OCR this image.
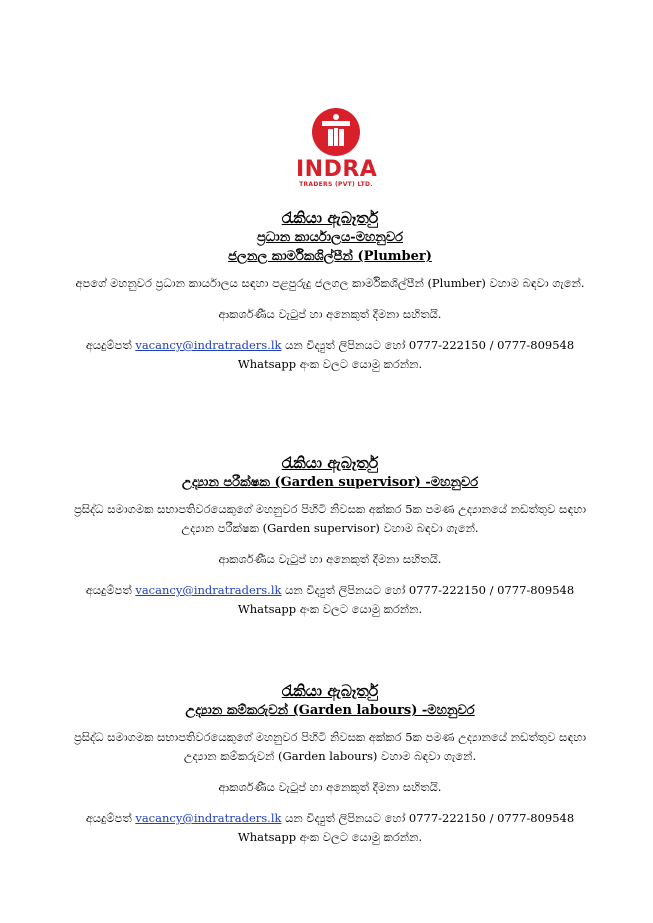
INDRA
TRADERS (PVT) LTD.
රැකියා ඇබෑර්තු
ප්‍රධාන කාර්යාලය-මහනුවර
ජලනල කාර්මිකශිල්පීන් (Plumber)
අපගේ මහනුවර ප්‍රධාන කාර්යාලය සඳහා පළපුරුදු ජලගල කාර්මිකශිල්පීන් (Plumber) වහාම බඳවා ගැනේ.
ආකර්ශණීය වැටුප් හා අනෙකුත් දීමනා සහිතයි.
අයදුම්පත් vacancy@indratraders.lk යන විද්‍යුත් ලිපිනයට හෝ 0777-222150 / 0777-809548
Whatsapp අංක වලට යොමු කරන්න.
රැකියා ඇබෑර්තු
උද්‍යාන පරීක්ෂක (Garden supervisor) -මහනුවර
ප්‍රසිද්ධ සමාගමක සභාපතිවරයෙකුගේ මහනුවර පිහිටි නිවසක අක්කර 5ක පමණ උද්‍යානයේ නඩත්තුව සඳහා උද්‍යාන පරීක්ෂක (Garden supervisor) වහාම බඳවා ගැනේ.
ආකර්ශණීය වැටුප් හා අනෙකුත් දීමනා සහිතයි.
අයදුම්පත් vacancy@indratraders.lk යන විද්‍යුත් ලිපිනයට හෝ 0777-222150 / 0777-809548
Whatsapp අංක වලට යොමු කරන්න.
රැකියා ඇබෑර්තු
උද්‍යාන කම්කරුවන් (Garden labours) -මහනුවර
ප්‍රසිද්ධ සමාගමක සභාපතිවරයෙකුගේ මහනුවර පිහිටි නිවසක අක්කර 5ක පමණ උද්‍යානයේ නඩත්තුව සඳහා උද්‍යාන කම්කරුවන් (Garden labours) වහාම බඳවා ගැනේ.
ආකර්ශණීය වැටුප් හා අනෙකුත් දීමනා සහිතයි.
අයදුම්පත් vacancy@indratraders.lk යන විද්‍යුත් ලිපිනයට හෝ 0777-222150 / 0777-809548
Whatsapp අංක වලට යොමු කරන්න.
